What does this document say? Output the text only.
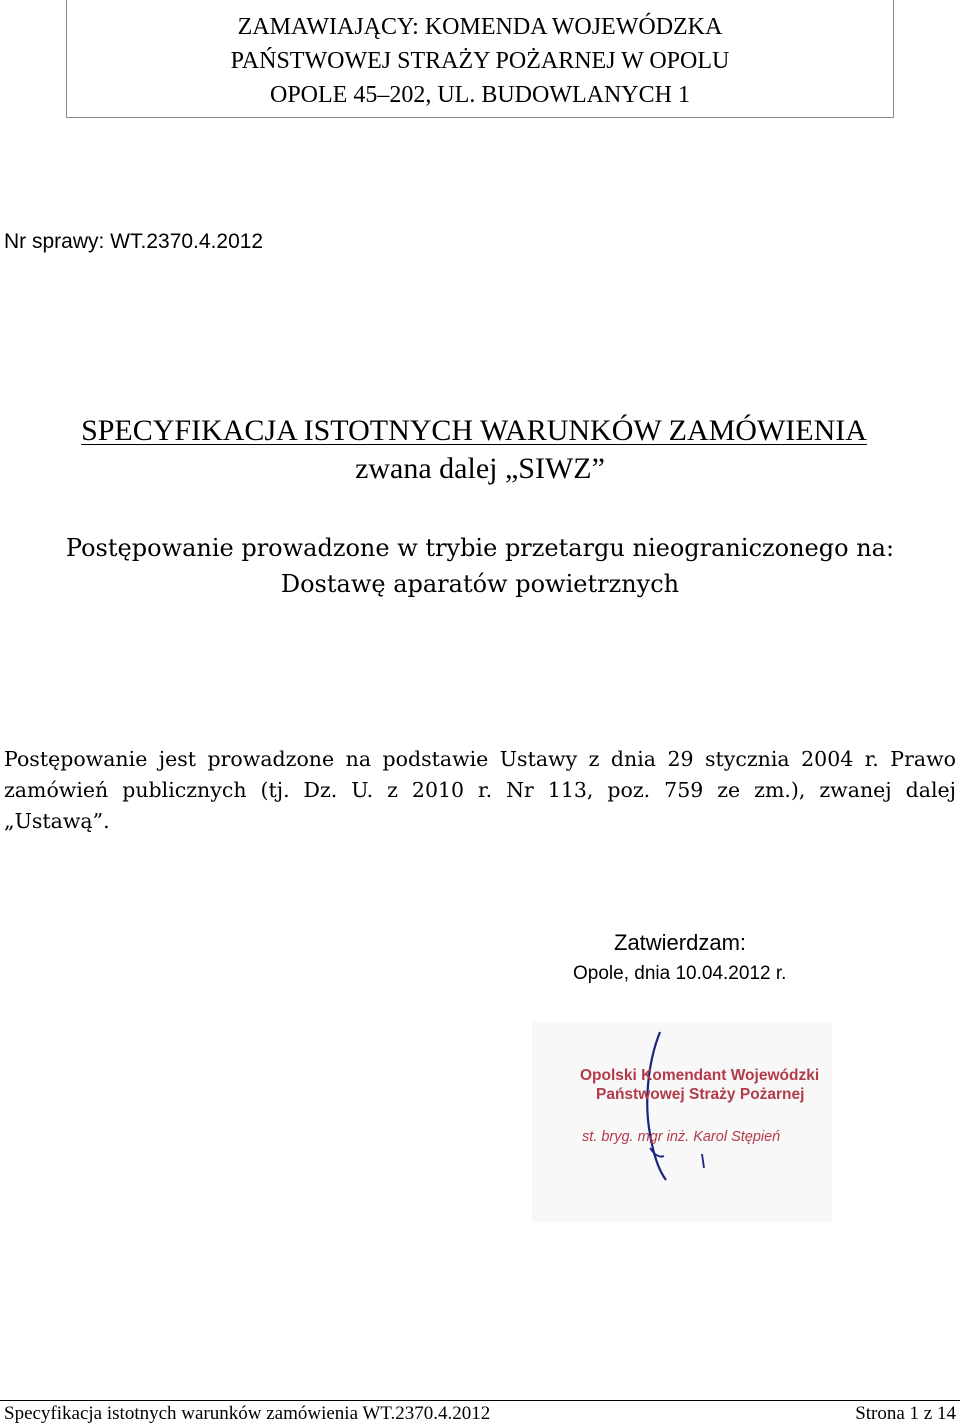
ZAMAWIAJĄCY: KOMENDA WOJEWÓDZKA
PAŃSTWOWEJ STRAŻY POŻARNEJ W OPOLU
OPOLE 45–202, UL. BUDOWLANYCH 1
Nr sprawy: WT.2370.4.2012
SPECYFIKACJA ISTOTNYCH WARUNKÓW ZAMÓWIENIA
zwana dalej „SIWZ”
Postępowanie prowadzone w trybie przetargu nieograniczonego na:
Dostawę aparatów powietrznych
Postępowanie jest prowadzone na podstawie Ustawy z dnia 29 stycznia 2004 r. Prawo zamówień publicznych (tj. Dz. U. z 2010 r. Nr 113, poz. 759 ze zm.), zwanej dalej „Ustawą”.
Zatwierdzam:
Opole, dnia 10.04.2012 r.
Opolski Komendant Wojewódzki
Państwowej Straży Pożarnej
st. bryg. mgr inż. Karol Stępień
Specyfikacja istotnych warunków zamówienia WT.2370.4.2012	Strona 1 z 14
